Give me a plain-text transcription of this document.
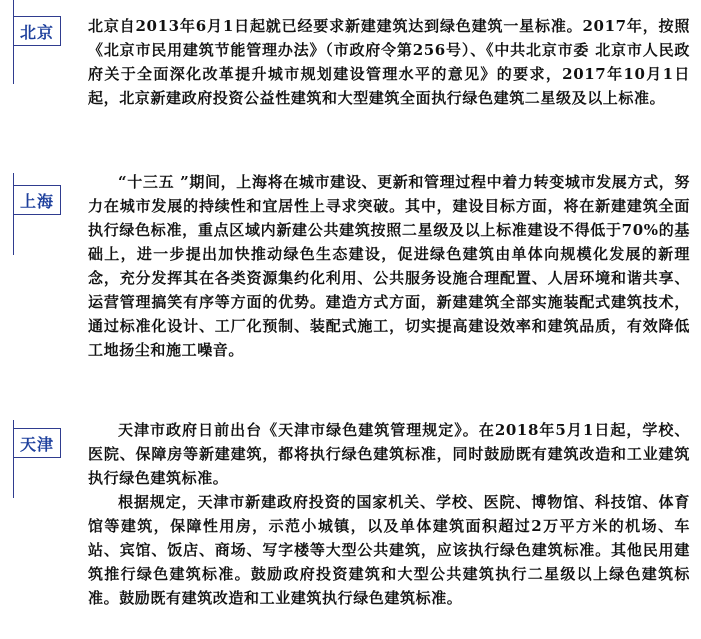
北京 北京自2013年6月1日起就已经要求新建建筑达到绿色建筑一星标准。2017年，按照《北京市民用建筑节能管理办法》（市政府令第256号）、《中共北京市委 北京市人民政府关于全面深化改革提升城市规划建设管理水平的意见》的要求，2017年10月1日起，北京新建政府投资公益性建筑和大型建筑全面执行绿色建筑二星级及以上标准。

上海

“十三五 ”期间，上海将在城市建设、更新和管理过程中着力转变城市发展方式，努力在城市发展的持续性和宜居性上寻求突破。其中，建设目标方面，将在新建建筑全面执行绿色标准，重点区域内新建公共建筑按照二星级及以上标准建设不得低于70%的基础上，进一步提出加快推动绿色生态建设，促进绿色建筑由单体向规模化发展的新理念，充分发挥其在各类资源集约化利用、公共服务设施合理配置、人居环境和谐共享、运营管理搞笑有序等方面的优势。建造方式方面，新建建筑全部实施装配式建筑技术，通过标准化设计、工厂化预制、装配式施工，切实提高建设效率和建筑品质，有效降低工地扬尘和施工噪音。

天津

天津市政府日前出台《天津市绿色建筑管理规定》。在2018年5月1日起，学校、医院、保障房等新建建筑，都将执行绿色建筑标准，同时鼓励既有建筑改造和工业建筑执行绿色建筑标准。

根据规定，天津市新建政府投资的国家机关、学校、医院、博物馆、科技馆、体育馆等建筑，保障性用房，示范小城镇，以及单体建筑面积超过2万平方米的机场、车站、宾馆、饭店、商场、写字楼等大型公共建筑，应该执行绿色建筑标准。其他民用建筑推行绿色建筑标准。鼓励政府投资建筑和大型公共建筑执行二星级以上绿色建筑标准。鼓励既有建筑改造和工业建筑执行绿色建筑标准。
